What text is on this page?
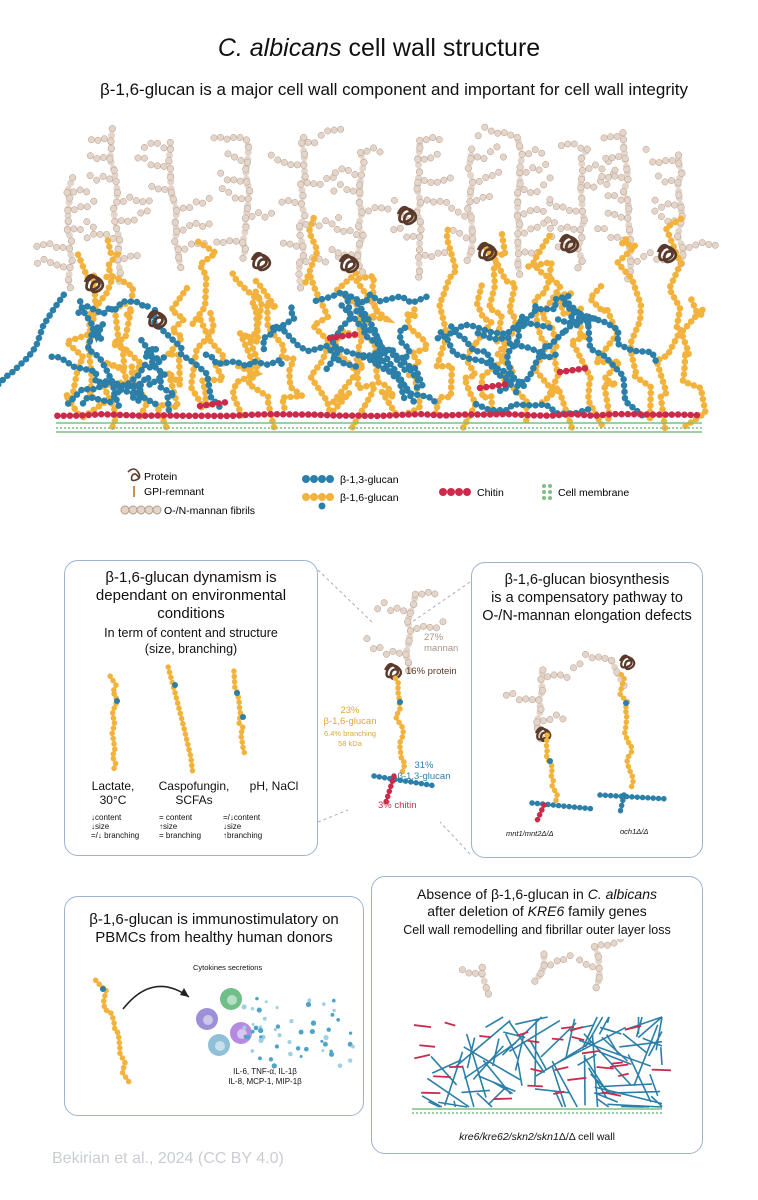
C. albicans cell wall structure
β-1,6-glucan is a major cell wall component and important for cell wall integrity
Protein
GPI-remnant
O-/N-mannan fibrils
β-1,3-glucan
β-1,6-glucan	Chitin	Cell membrane
β-1,6-glucan dynamism is
dependant on environmental
conditions
In term of content and structure
(size, branching)
Lactate,
30°C
Caspofungin,
SCFAs
pH, NaCl
↓content
↓size
=/↓ branching
= content
↑size
= branching
=/↓content
↓size
↑branching
27%
mannan
16% protein
23%
β-1,6-glucan
6.4% branching
58 kDa
31%
β-1,3-glucan
3% chitin
β-1,6-glucan biosynthesis
is a compensatory pathway to
O-/N-mannan elongation defects
mnt1/mnt2Δ/Δ	och1Δ/Δ
β-1,6-glucan is immunostimulatory on
PBMCs from healthy human donors
Cytokines secretions
IL-6, TNF-α, IL-1β
IL-8, MCP-1, MIP-1β
Absence of β-1,6-glucan in C. albicans
after deletion of KRE6 family genes
Cell wall remodelling and fibrillar outer layer loss
kre6/kre62/skn2/skn1Δ/Δ cell wall
Bekirian et al., 2024 (CC BY 4.0)
